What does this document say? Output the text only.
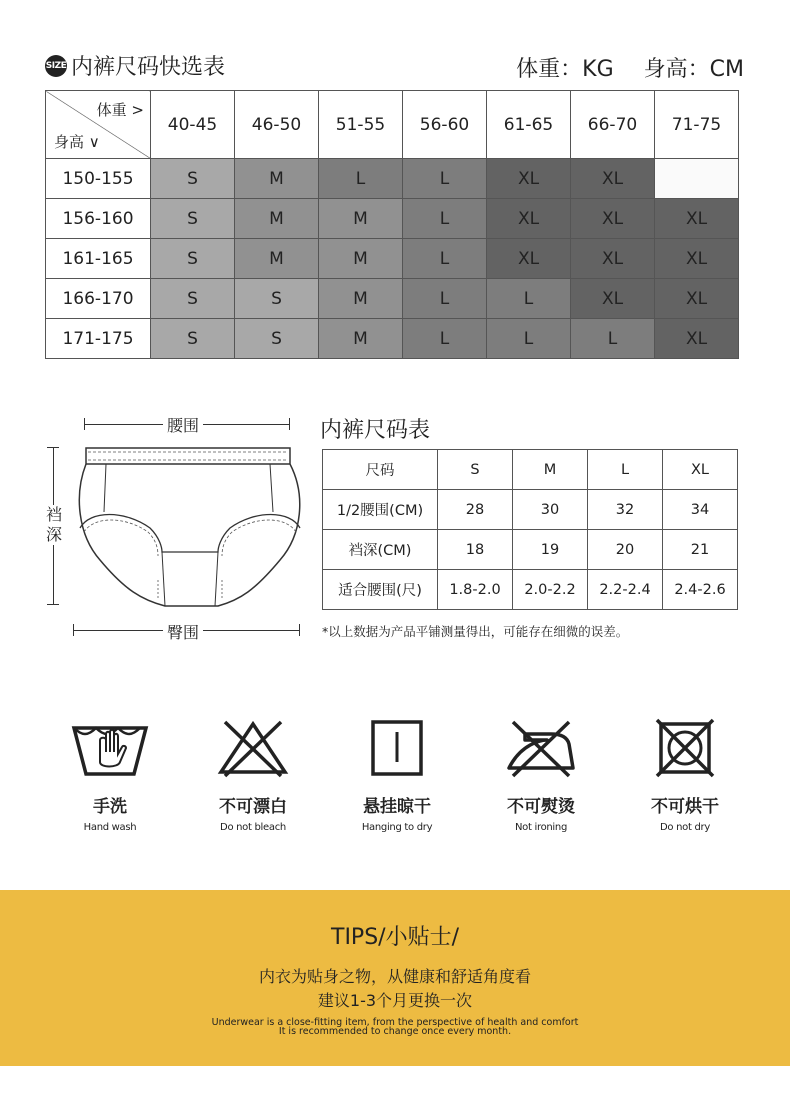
SIZE 内裤尺码快选表	体重：KG 身高：CM
体重 >
身高 ∨	40-45	46-50	51-55	56-60	61-65	66-70	71-75
150-155	S	M	L	L	XL	XL	
156-160	S	M	M	L	XL	XL	XL
161-165	S	M	M	L	XL	XL	XL
166-170	S	S	M	L	L	XL	XL
171-175	S	S	M	L	L	L	XL
腰围
臀围
裆深
内裤尺码表
尺码	S	M	L	XL
1/2腰围(CM)	28	30	32	34
裆深(CM)	18	19	20	21
适合腰围(尺)	1.8-2.0	2.0-2.2	2.2-2.4	2.4-2.6
*以上数据为产品平铺测量得出，可能存在细微的误差。
手洗
Hand wash
不可漂白
Do not bleach
悬挂晾干
Hanging to dry
不可熨烫
Not ironing
不可烘干
Do not dry
TIPS/小贴士/
内衣为贴身之物，从健康和舒适角度看
建议1-3个月更换一次
Underwear is a close-fitting item, from the perspective of health and comfort
It is recommended to change once every month.
